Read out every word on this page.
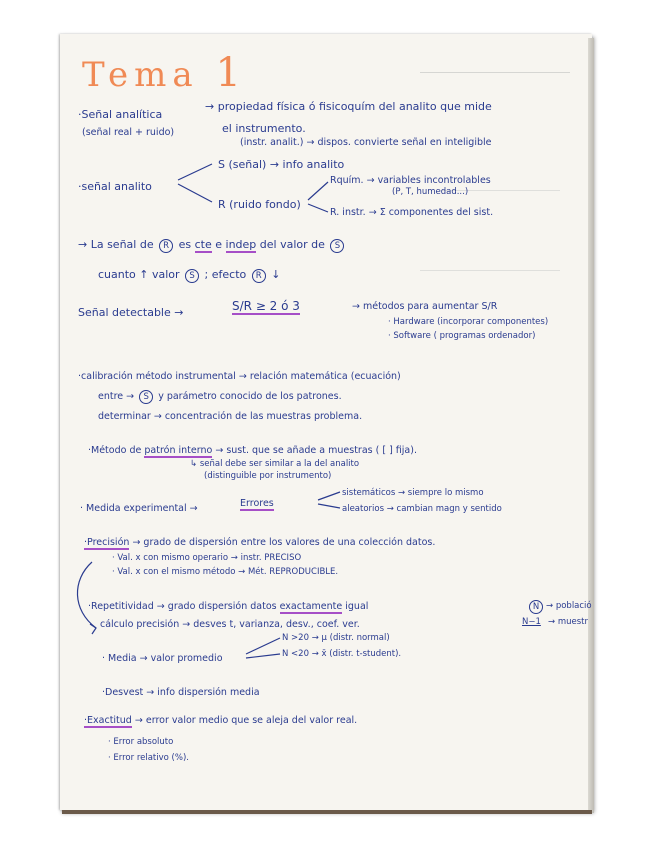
Tema 1
·Señal analítica
→ propiedad física ó fisicoquím del analito que mide
(señal real + ruido)	el instrumento.
(instr. analit.) → dispos. convierte señal en inteligible
S (señal) → info analito
·señal analito	Rquím. → variables incontrolables
(P, T, humedad...)
R (ruido fondo)
R. instr. → Σ componentes del sist.
→ La señal de R es cte e indep del valor de S
cuanto ↑ valor S ; efecto R ↓
Señal detectable →	S/R ≥ 2 ó 3	→ métodos para aumentar S/R
· Hardware (incorporar componentes)
· Software ( programas ordenador)
·calibración método instrumental → relación matemática (ecuación)
entre → S y parámetro conocido de los patrones.
determinar → concentración de las muestras problema.
·Método de patrón interno → sust. que se añade a muestras ( [ ] fija).
↳ señal debe ser similar a la del analito
(distinguible por instrumento)
· Medida experimental →	Errores
sistemáticos → siempre lo mismo
aleatorios → cambian magn y sentido
·Precisión → grado de dispersión entre los valores de una colección datos.
· Val. x con mismo operario → instr. PRECISO
· Val. x con el mismo método → Mét. REPRODUCIBLE.
·Repetitividad → grado dispersión datos exactamente igual
cálculo precisión → desves t, varianza, desv., coef. ver.
N → població
N−1 → muestr
N >20 → μ (distr. normal)
· Media → valor promedio	N <20 → x̄ (distr. t-student).
·Desvest → info dispersión media
·Exactitud → error valor medio que se aleja del valor real.
· Error absoluto
· Error relativo (%).
